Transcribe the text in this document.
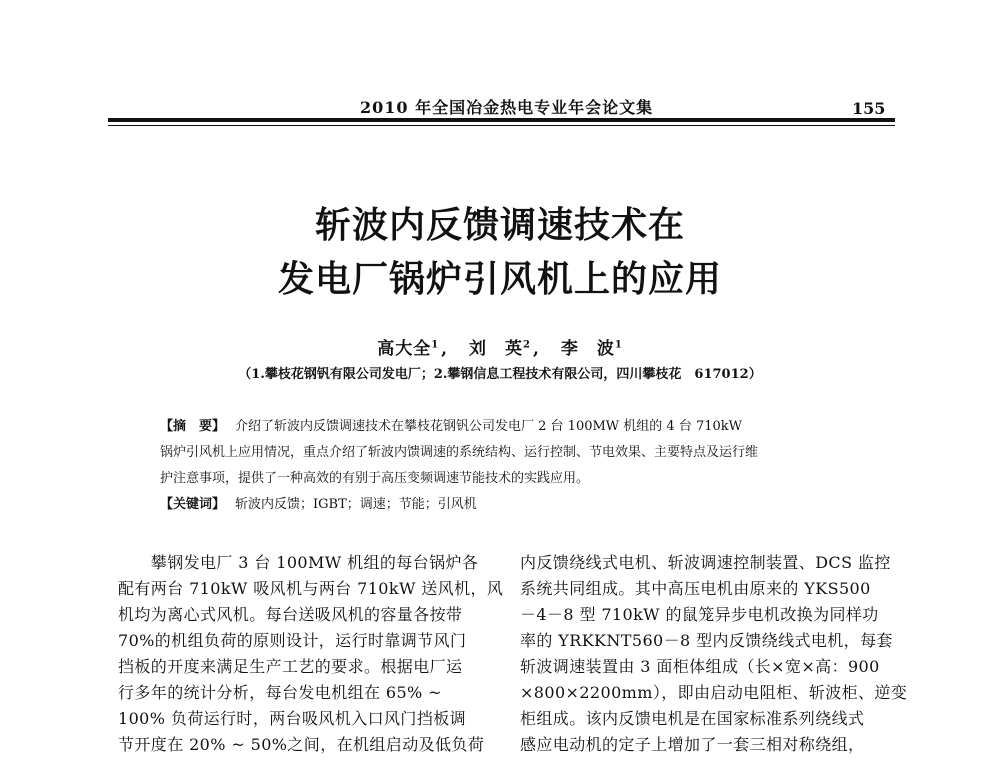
2010 年全国冶金热电专业年会论文集	155
斩波内反馈调速技术在
发电厂锅炉引风机上的应用
高大全$^1$ , 刘　英$^2$ , 李　波$^1$
（1.攀枝花钢钒有限公司发电厂；2.攀钢信息工程技术有限公司，四川攀枝花　617012）
【摘　要】 介绍了斩波内反馈调速技术在攀枝花钢钒公司发电厂 2 台 100MW 机组的 4 台 710kW
锅炉引风机上应用情况，重点介绍了斩波内馈调速的系统结构、运行控制、节电效果、主要特点及运行维
护注意事项，提供了一种高效的有别于高压变频调速节能技术的实践应用。
【关键词】 斩波内反馈；IGBT；调速；节能；引风机
　　攀钢发电厂 3 台 100MW 机组的每台锅炉各
配有两台 710kW 吸风机与两台 710kW 送风机，风
机均为离心式风机。每台送吸风机的容量各按带
70%的机组负荷的原则设计，运行时靠调节风门
挡板的开度来满足生产工艺的要求。根据电厂运
行多年的统计分析，每台发电机组在 65% ~
100% 负荷运行时，两台吸风机入口风门挡板调
节开度在 20% ~ 50%之间，在机组启动及低负荷
内反馈绕线式电机、斩波调速控制装置、DCS 监控
系统共同组成。其中高压电机由原来的 YKS500
－4－8 型 710kW 的鼠笼异步电机改换为同样功
率的 YRKKNT560－8 型内反馈绕线式电机，每套
斩波调速装置由 3 面柜体组成（长×宽×高：900
×800×2200mm），即由启动电阻柜、斩波柜、逆变
柜组成。该内反馈电机是在国家标准系列绕线式
感应电动机的定子上增加了一套三相对称绕组，
